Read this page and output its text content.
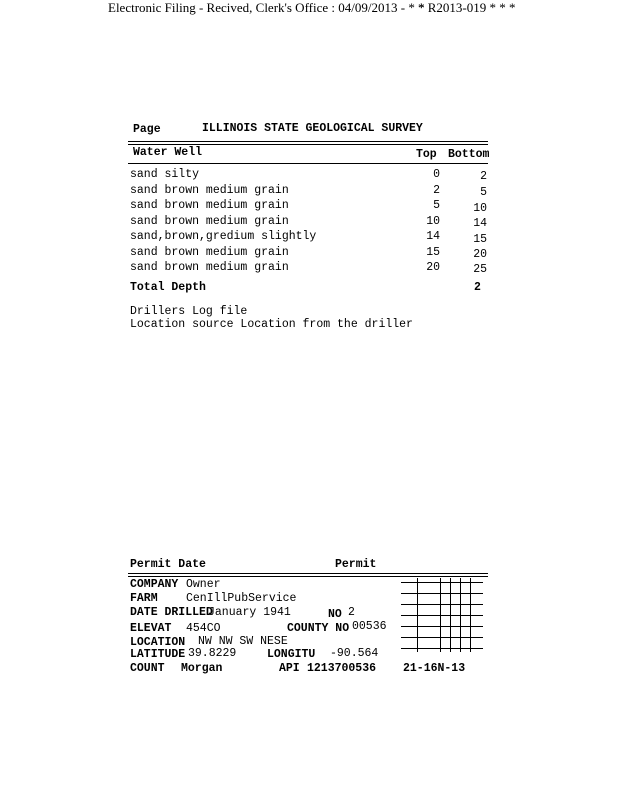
Electronic Filing - Recived, Clerk's Office : 04/09/2013 - * *
* R2013-019 * * *
Page	ILLINOIS STATE GEOLOGICAL SURVEY
Water Well	Top Bottom
sand silty	0	2
sand brown medium grain	2	5
sand brown medium grain	5	10
sand brown medium grain	10	14
sand,brown,gredium slightly	14	15
sand brown medium grain	15	20
sand brown medium grain	20	25
Total Depth	2
Drillers Log file
Location source Location from the driller
Permit Date	Permit
COMPANY Owner
FARM CenIllPubService
DATE DRILLED
January 1941	NO 2
ELEVAT 454CO	COUNTY NO 00536
LOCATION NW NW SW NESE
LATITUDE 39.8229	LONGITU -90.564
COUNT Morgan	API 1213700536 21-16N-13
